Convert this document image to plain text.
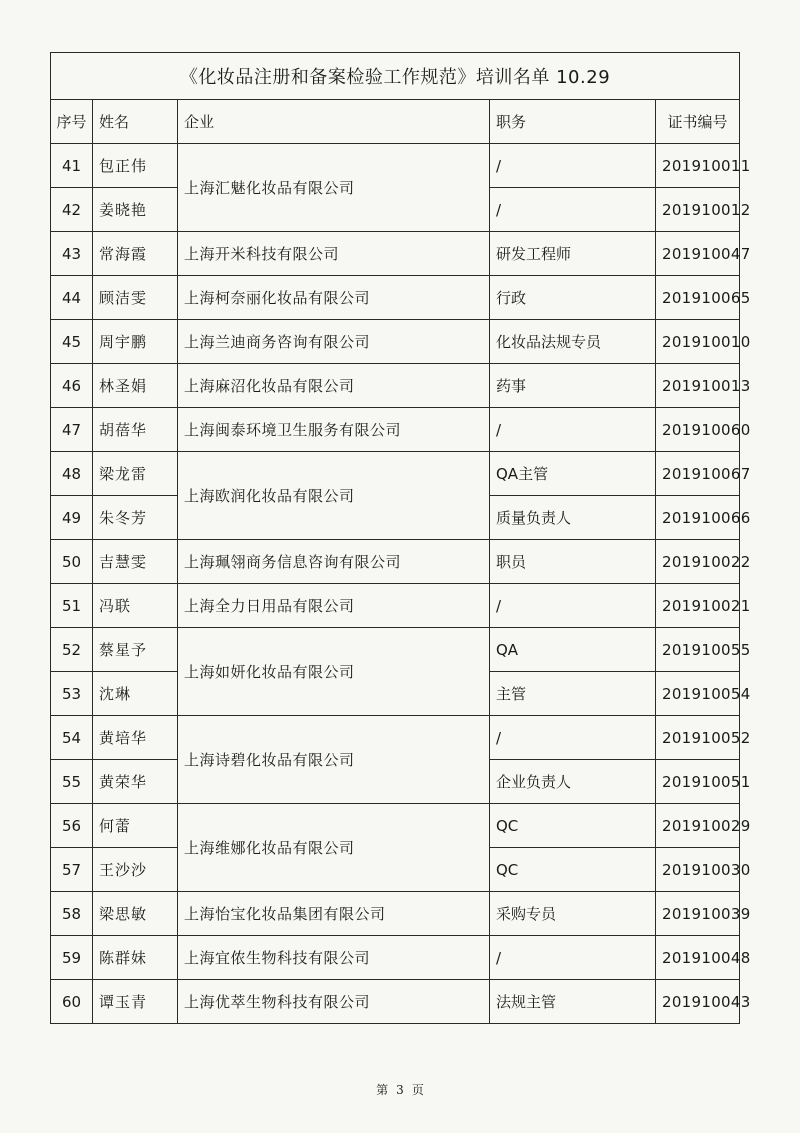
《化妆品注册和备案检验工作规范》培训名单 10.29				
序号	姓名	企业	职务	证书编号
41	包正伟	上海汇魅化妆品有限公司	/	201910011
42	姜晓艳		/	201910012
43	常海霞	上海开米科技有限公司	研发工程师	201910047
44	顾洁雯	上海柯奈丽化妆品有限公司	行政	201910065
45	周宇鹏	上海兰迪商务咨询有限公司	化妆品法规专员	201910010
46	林圣娟	上海麻沼化妆品有限公司	药事	201910013
47	胡蓓华	上海闽泰环境卫生服务有限公司	/	201910060
48	梁龙雷	上海欧润化妆品有限公司	QA主管	201910067
49	朱冬芳		质量负责人	201910066
50	吉慧雯	上海珮翎商务信息咨询有限公司	职员	201910022
51	冯联	上海全力日用品有限公司	/	201910021
52	蔡星予	上海如妍化妆品有限公司	QA	201910055
53	沈琳		主管	201910054
54	黄培华	上海诗碧化妆品有限公司	/	201910052
55	黄荣华		企业负责人	201910051
56	何蕾	上海维娜化妆品有限公司	QC	201910029
57	王沙沙		QC	201910030
58	梁思敏	上海怡宝化妆品集团有限公司	采购专员	201910039
59	陈群妹	上海宜侬生物科技有限公司	/	201910048
60	谭玉青	上海优萃生物科技有限公司	法规主管	201910043
第 3 页
